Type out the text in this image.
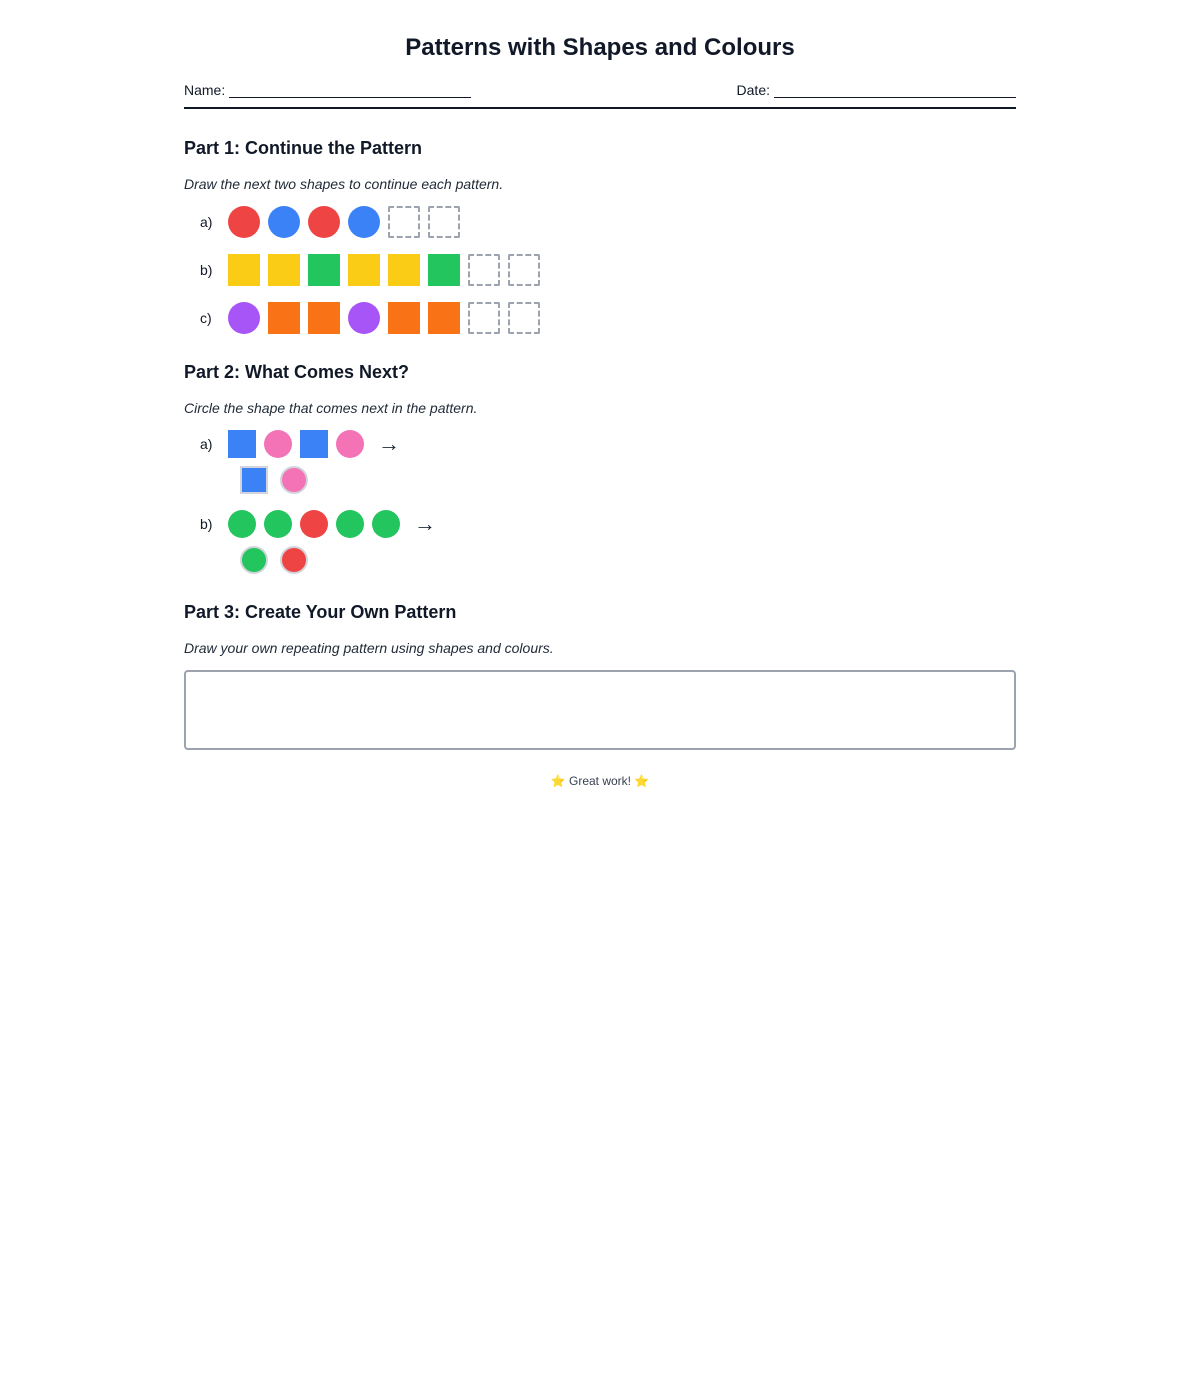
Patterns with Shapes and Colours
Name:	Date:
Part 1: Continue the Pattern

Draw the next two shapes to continue each pattern.

a)
b)
c)
Part 2: What Comes Next?

Circle the shape that comes next in the pattern.

a)	→
b)	→
Part 3: Create Your Own Pattern

Draw your own repeating pattern using shapes and colours.

⭐ Great work! ⭐
